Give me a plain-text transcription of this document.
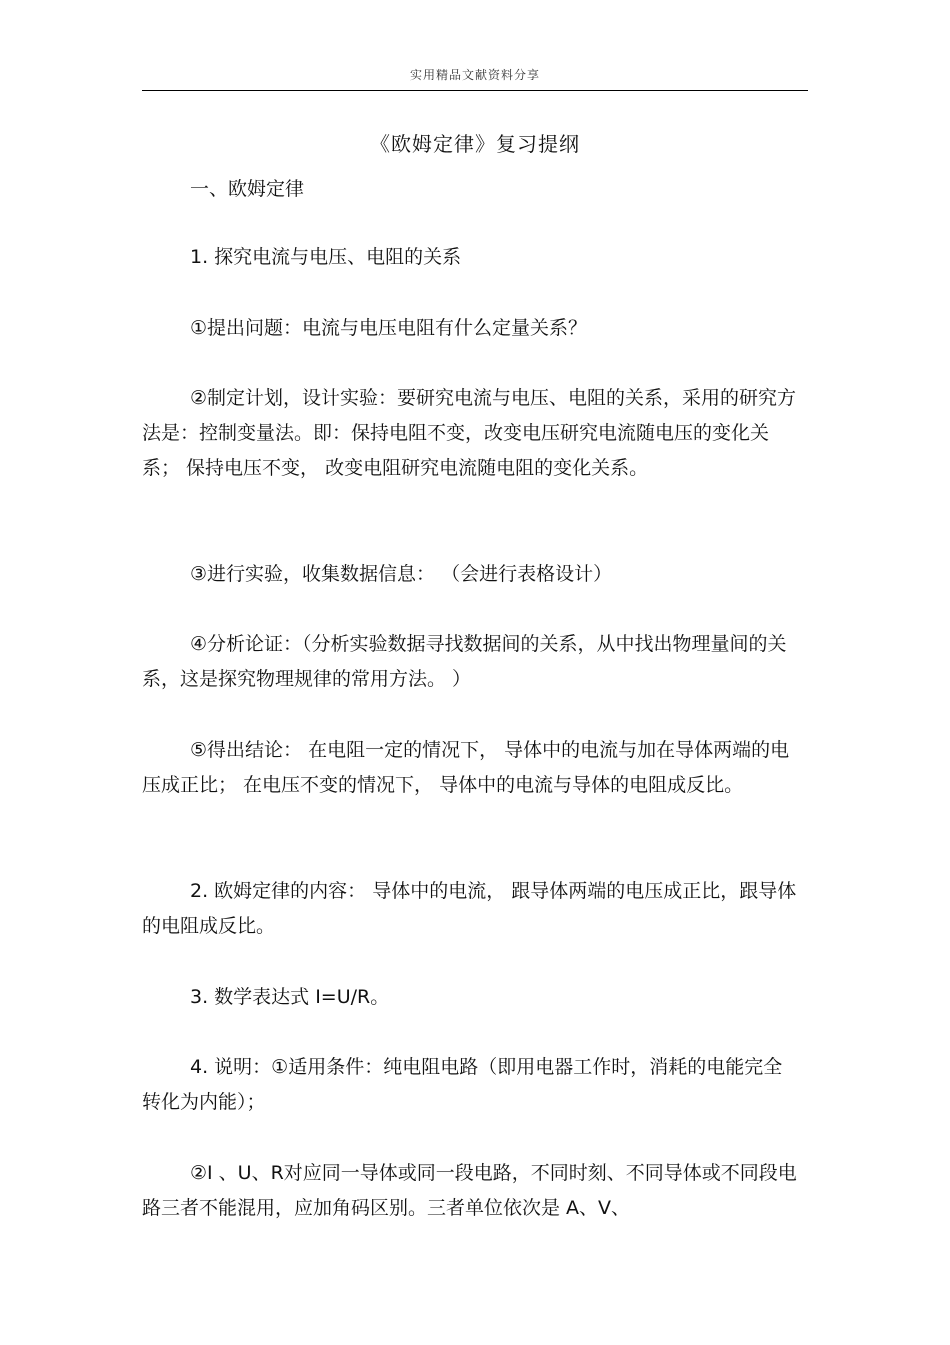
实用精品文献资料分享
《欧姆定律》复习提纲
一、欧姆定律
1. 探究电流与电压、电阻的关系
①提出问题：电流与电压电阻有什么定量关系？
②制定计划，设计实验：要研究电流与电压、电阻的关系，采用的研究方法是：控制变量法。即：保持电阻不变，改变电压研究电流随电压的变化关系； 保持电压不变， 改变电阻研究电流随电阻的变化关系。
③进行实验，收集数据信息： （会进行表格设计）
④分析论证：（分析实验数据寻找数据间的关系，从中找出物理量间的关系，这是探究物理规律的常用方法。 ）
⑤得出结论： 在电阻一定的情况下， 导体中的电流与加在导体两端的电压成正比； 在电压不变的情况下， 导体中的电流与导体的电阻成反比。
2. 欧姆定律的内容： 导体中的电流， 跟导体两端的电压成正比，跟导体的电阻成反比。
3. 数学表达式 I=U/R。
4. 说明：①适用条件：纯电阻电路（即用电器工作时，消耗的电能完全转化为内能）；
②I 、U、R对应同一导体或同一段电路，不同时刻、不同导体或不同段电路三者不能混用，应加角码区别。三者单位依次是 A、V、
